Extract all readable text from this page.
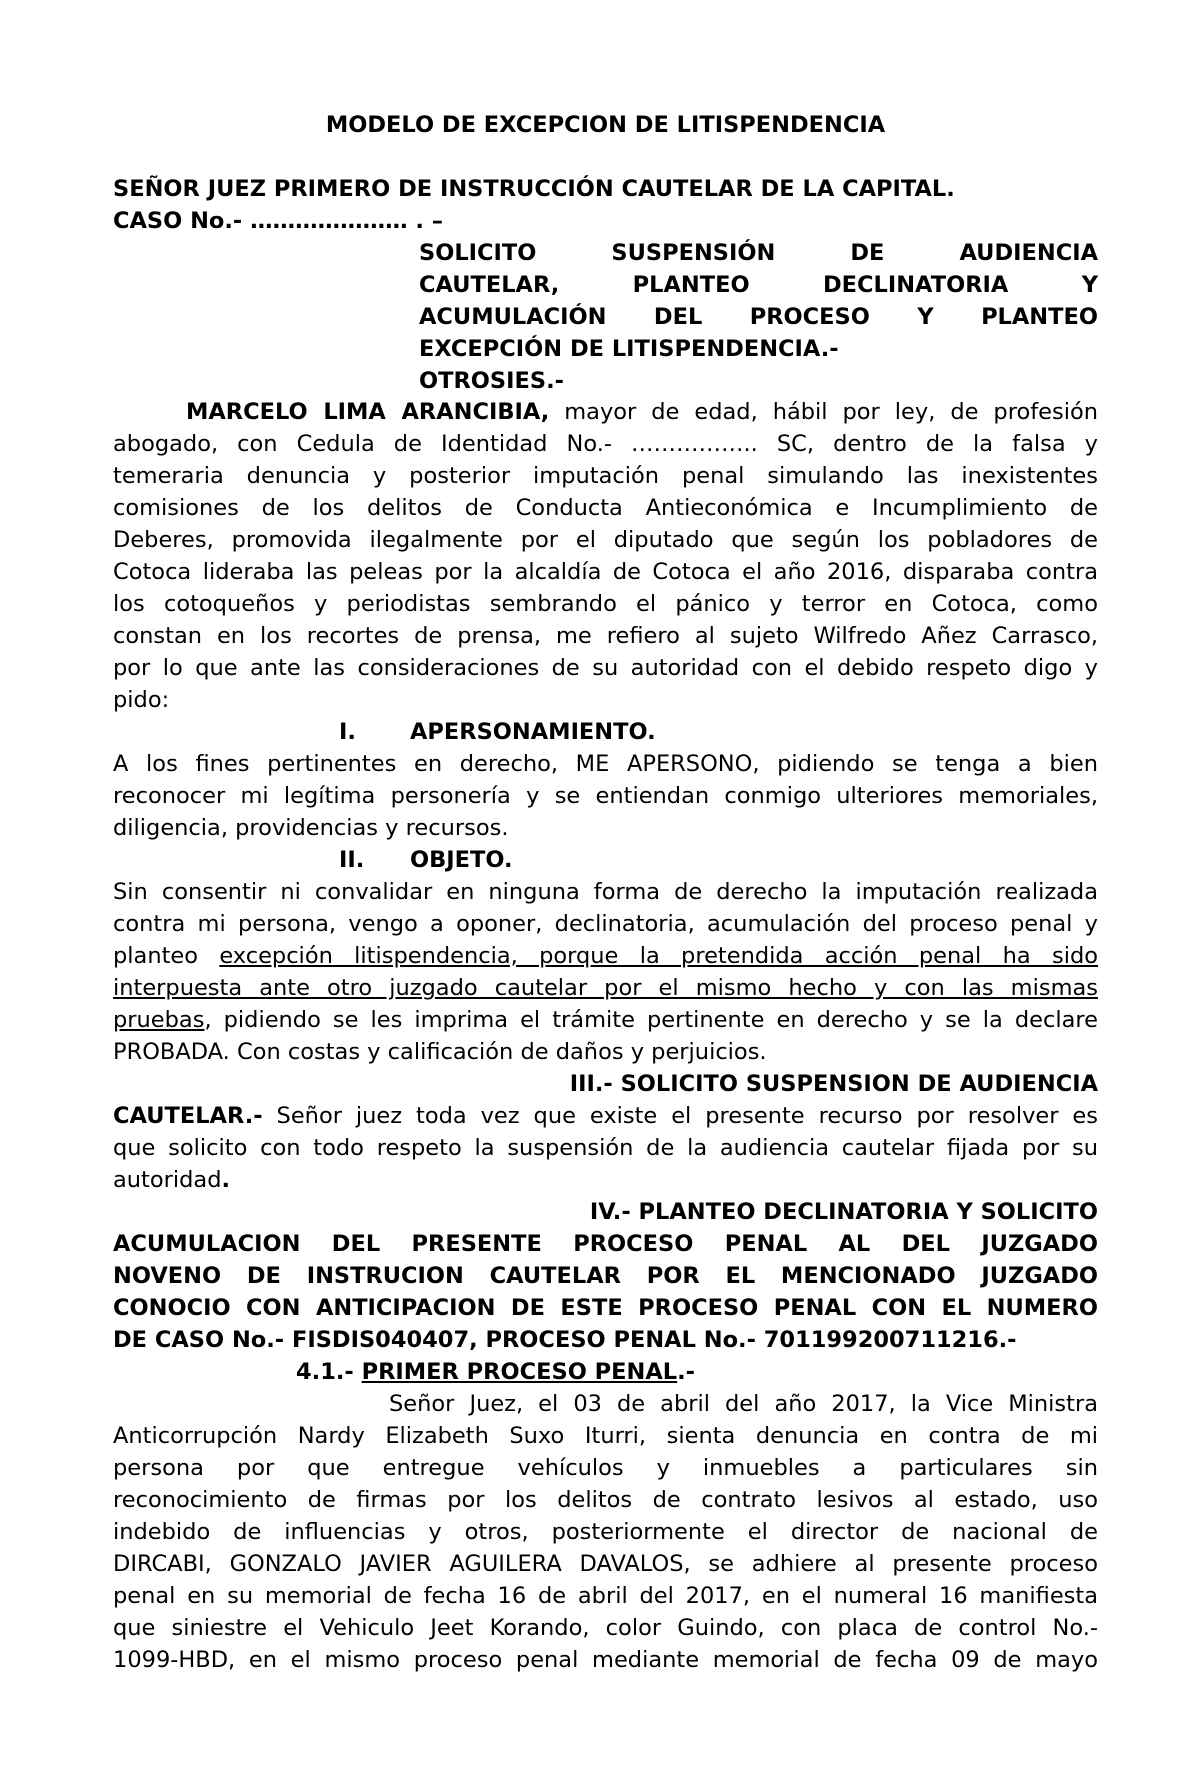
MODELO DE EXCEPCION DE LITISPENDENCIA
SEÑOR JUEZ PRIMERO DE INSTRUCCIÓN CAUTELAR DE LA CAPITAL.
CASO No.- ………………… . –
SOLICITO SUSPENSIÓN DE AUDIENCIA
CAUTELAR, PLANTEO DECLINATORIA Y
ACUMULACIÓN DEL PROCESO Y PLANTEO
EXCEPCIÓN DE LITISPENDENCIA.-
OTROSIES.-
MARCELO LIMA ARANCIBIA, mayor de edad, hábil por ley, de profesión
abogado, con Cedula de Identidad No.- …………….. SC, dentro de la falsa y
temeraria denuncia y posterior imputación penal simulando las inexistentes
comisiones de los delitos de Conducta Antieconómica e Incumplimiento de
Deberes, promovida ilegalmente por el diputado que según los pobladores de
Cotoca lideraba las peleas por la alcaldía de Cotoca el año 2016, disparaba contra
los cotoqueños y periodistas sembrando el pánico y terror en Cotoca, como
constan en los recortes de prensa, me refiero al sujeto Wilfredo Añez Carrasco,
por lo que ante las consideraciones de su autoridad con el debido respeto digo y
pido:
I.	APERSONAMIENTO.
A los fines pertinentes en derecho, ME APERSONO, pidiendo se tenga a bien
reconocer mi legítima personería y se entiendan conmigo ulteriores memoriales,
diligencia, providencias y recursos.
II.	OBJETO.
Sin consentir ni convalidar en ninguna forma de derecho la imputación realizada
contra mi persona, vengo a oponer, declinatoria, acumulación del proceso penal y
planteo excepción litispendencia, porque la pretendida acción penal ha sido
interpuesta ante otro juzgado cautelar por el mismo hecho y con las mismas
pruebas, pidiendo se les imprima el trámite pertinente en derecho y se la declare
PROBADA. Con costas y calificación de daños y perjuicios.
III.- SOLICITO SUSPENSION DE AUDIENCIA
CAUTELAR.- Señor juez toda vez que existe el presente recurso por resolver es
que solicito con todo respeto la suspensión de la audiencia cautelar fijada por su
autoridad.
IV.- PLANTEO DECLINATORIA Y SOLICITO
ACUMULACION DEL PRESENTE PROCESO PENAL AL DEL JUZGADO
NOVENO DE INSTRUCION CAUTELAR POR EL MENCIONADO JUZGADO
CONOCIO CON ANTICIPACION DE ESTE PROCESO PENAL CON EL NUMERO
DE CASO No.- FISDIS040407, PROCESO PENAL No.- 701199200711216.-
4.1.- PRIMER PROCESO PENAL.-
Señor Juez, el 03 de abril del año 2017, la Vice Ministra
Anticorrupción Nardy Elizabeth Suxo Iturri, sienta denuncia en contra de mi
persona por que entregue vehículos y inmuebles a particulares sin
reconocimiento de firmas por los delitos de contrato lesivos al estado, uso
indebido de influencias y otros, posteriormente el director de nacional de
DIRCABI, GONZALO JAVIER AGUILERA DAVALOS, se adhiere al presente proceso
penal en su memorial de fecha 16 de abril del 2017, en el numeral 16 manifiesta
que siniestre el Vehiculo Jeet Korando, color Guindo, con placa de control No.-
1099-HBD, en el mismo proceso penal mediante memorial de fecha 09 de mayo
